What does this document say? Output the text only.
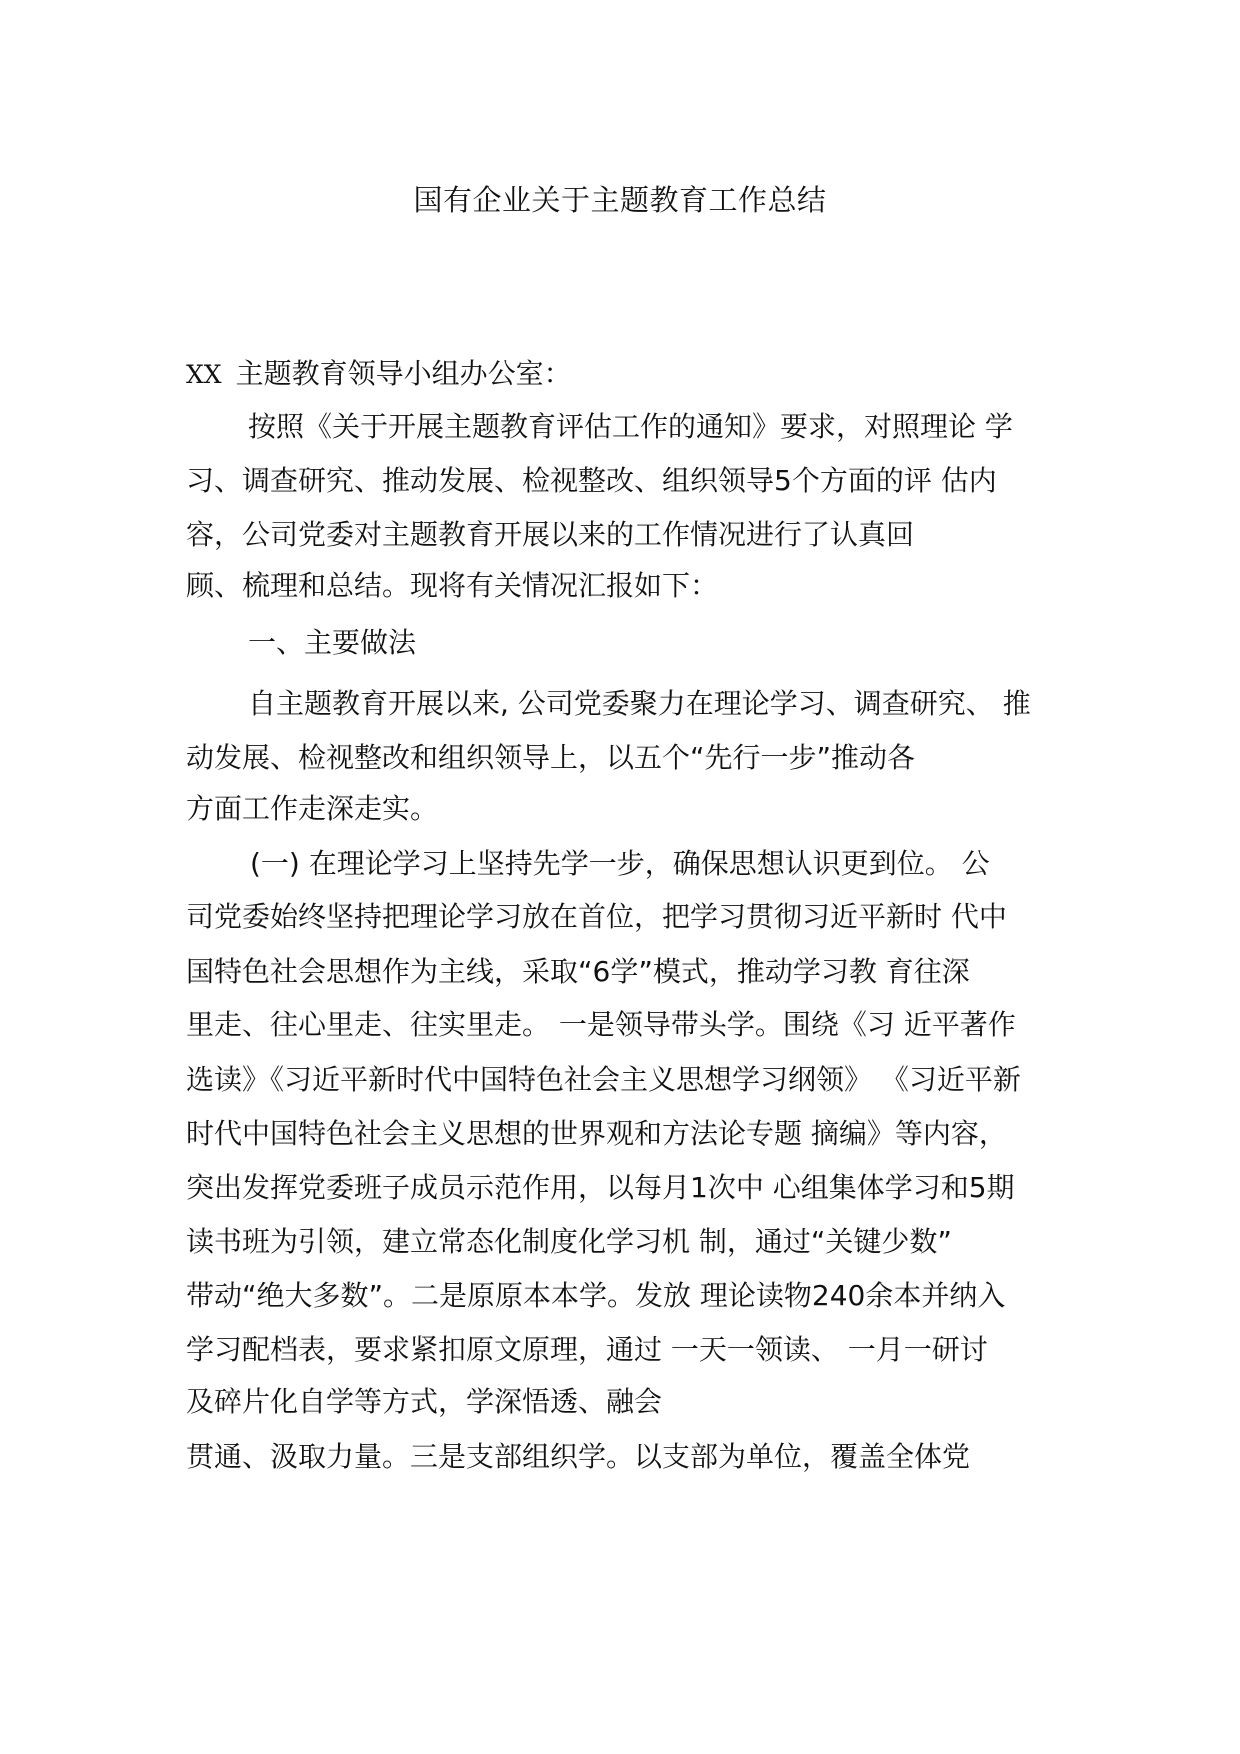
国有企业关于主题教育工作总结
XX 主题教育领导小组办公室：
按照《关于开展主题教育评估工作的通知》要求，对照理论 学
习、调查研究、推动发展、检视整改、组织领导5个方面的评 估内
容，公司党委对主题教育开展以来的工作情况进行了认真回
顾、梳理和总结。现将有关情况汇报如下：
一、主要做法
自主题教育开展以来, 公司党委聚力在理论学习、调查研究、 推
动发展、检视整改和组织领导上，以五个“先行一步”推动各
方面工作走深走实。
(一) 在理论学习上坚持先学一步，确保思想认识更到位。 公
司党委始终坚持把理论学习放在首位，把学习贯彻习近平新时 代中
国特色社会思想作为主线，采取“6学”模式，推动学习教 育往深
里走、往心里走、往实里走。 一是领导带头学。围绕《习 近平著作
选读》《习近平新时代中国特色社会主义思想学习纲领》 《习近平新
时代中国特色社会主义思想的世界观和方法论专题 摘编》等内容，
突出发挥党委班子成员示范作用，以每月1次中 心组集体学习和5期
读书班为引领，建立常态化制度化学习机 制，通过“关键少数”
带动“绝大多数”。二是原原本本学。发放 理论读物240余本并纳入
学习配档表，要求紧扣原文原理，通过 一天一领读、 一月一研讨
及碎片化自学等方式，学深悟透、融会
贯通、汲取力量。三是支部组织学。以支部为单位，覆盖全体党
